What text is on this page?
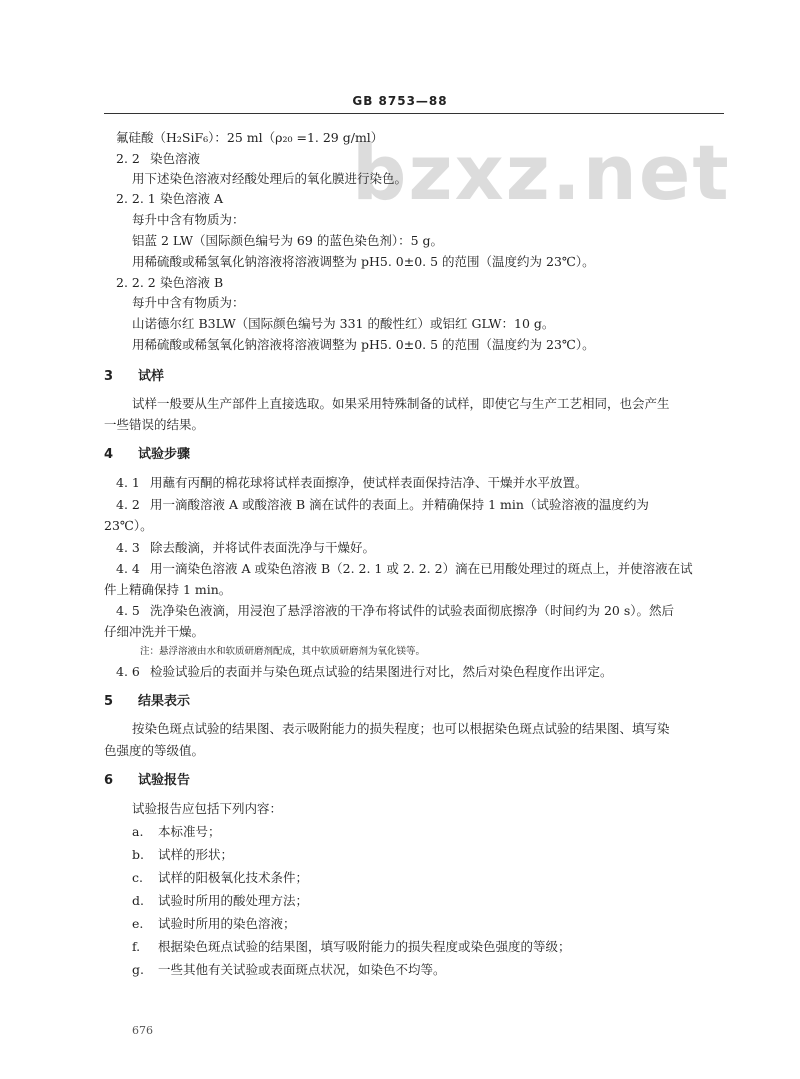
GB 8753—88
bzxz.net
氟硅酸（H₂SiF₆）：25 ml（ρ₂₀ =1. 29 g/ml）
2. 2 染色溶液
用下述染色溶液对经酸处理后的氧化膜进行染色。
2. 2. 1 染色溶液 A
每升中含有物质为：
铝蓝 2 LW（国际颜色编号为 69 的蓝色染色剂）：5 g。
用稀硫酸或稀氢氧化钠溶液将溶液调整为 pH5. 0±0. 5 的范围（温度约为 23℃）。
2. 2. 2 染色溶液 B
每升中含有物质为：
山诺德尔红 B3LW（国际颜色编号为 331 的酸性红）或铝红 GLW：10 g。
用稀硫酸或稀氢氧化钠溶液将溶液调整为 pH5. 0±0. 5 的范围（温度约为 23℃）。
3 试样
试样一般要从生产部件上直接选取。如果采用特殊制备的试样，即使它与生产工艺相同，也会产生
一些错误的结果。
4 试验步骤
4. 1 用蘸有丙酮的棉花球将试样表面擦净，使试样表面保持洁净、干燥并水平放置。
4. 2 用一滴酸溶液 A 或酸溶液 B 滴在试件的表面上。并精确保持 1 min（试验溶液的温度约为
23℃）。
4. 3 除去酸滴，并将试件表面洗净与干燥好。
4. 4 用一滴染色溶液 A 或染色溶液 B（2. 2. 1 或 2. 2. 2）滴在已用酸处理过的斑点上，并使溶液在试
件上精确保持 1 min。
4. 5 洗净染色液滴，用浸泡了悬浮溶液的干净布将试件的试验表面彻底擦净（时间约为 20 s）。然后
仔细冲洗并干燥。
注：悬浮溶液由水和软质研磨剂配成，其中软质研磨剂为氧化镁等。
4. 6 检验试验后的表面并与染色斑点试验的结果图进行对比，然后对染色程度作出评定。
5 结果表示
按染色斑点试验的结果图、表示吸附能力的损失程度；也可以根据染色斑点试验的结果图、填写染
色强度的等级值。
6 试验报告
试验报告应包括下列内容：
a. 本标准号；
b. 试样的形状；
c. 试样的阳极氧化技术条件；
d. 试验时所用的酸处理方法；
e. 试验时所用的染色溶液；
f. 根据染色斑点试验的结果图，填写吸附能力的损失程度或染色强度的等级；
g. 一些其他有关试验或表面斑点状况，如染色不均等。
676
